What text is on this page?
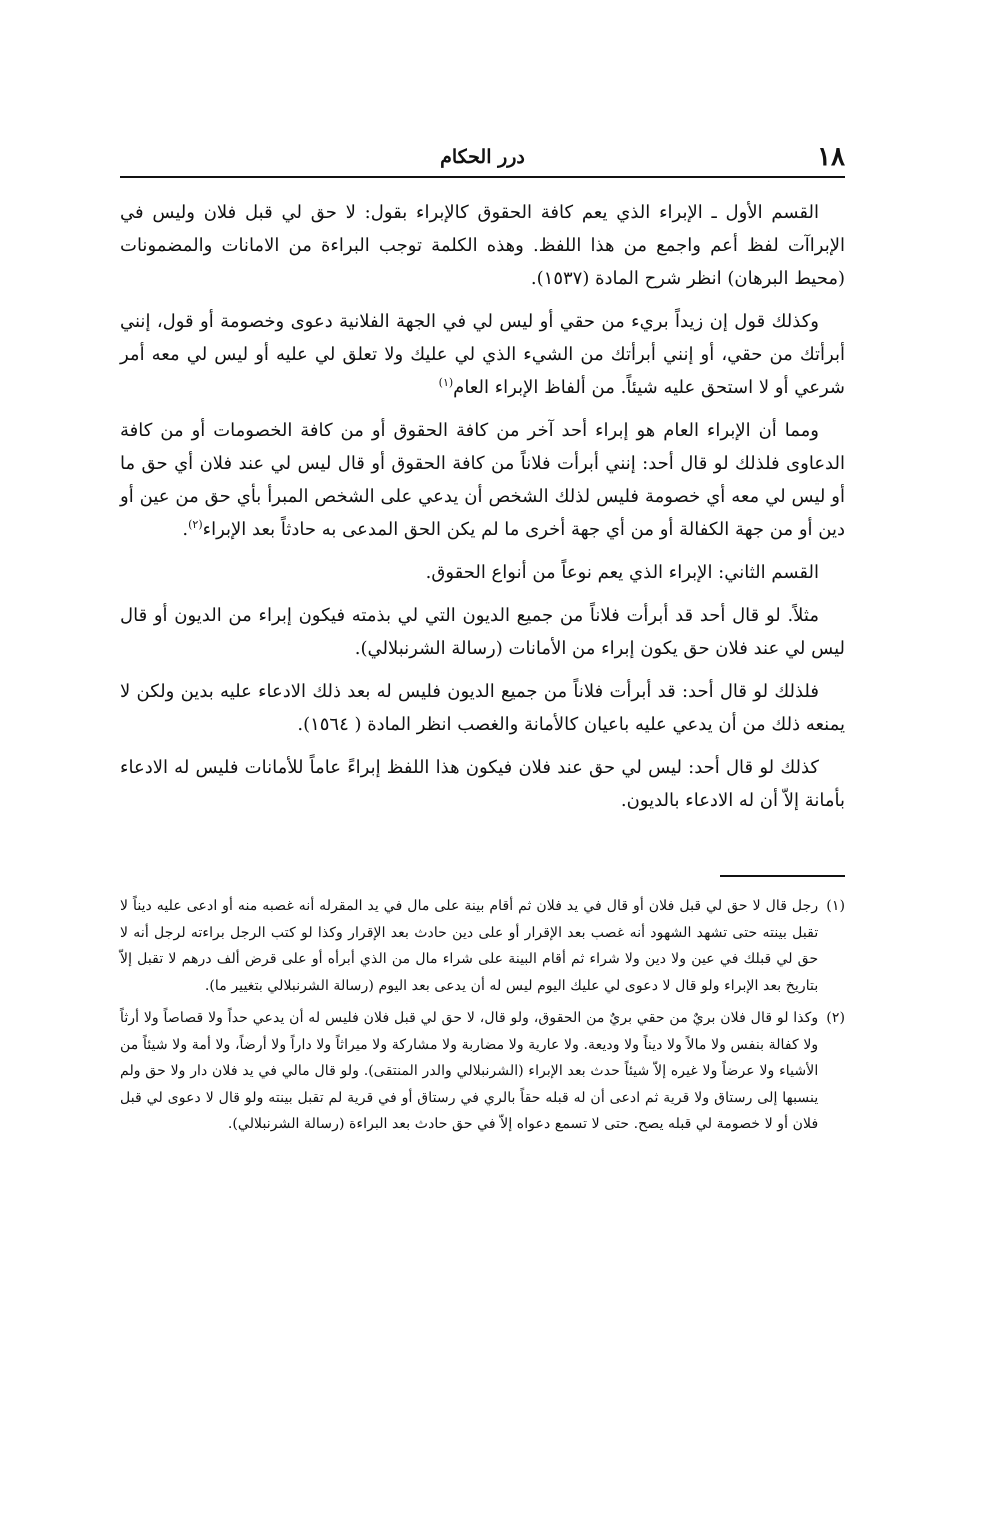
١٨
درر الحكام

القسم الأول ـ الإبراء الذي يعم كافة الحقوق كالإبراء بقول: لا حق لي قبل فلان وليس في الإبراآت لفظ أعم واجمع من هذا اللفظ. وهذه الكلمة توجب البراءة من الامانات والمضمونات (محيط البرهان) انظر شرح المادة (١٥٣٧).

وكذلك قول إن زيداً بريء من حقي أو ليس لي في الجهة الفلانية دعوى وخصومة أو قول، إنني أبرأتك من حقي، أو إنني أبرأتك من الشيء الذي لي عليك ولا تعلق لي عليه أو ليس لي معه أمر شرعي أو لا استحق عليه شيئاً. من ألفاظ الإبراء العام$^{(١)}$

ومما أن الإبراء العام هو إبراء أحد آخر من كافة الحقوق أو من كافة الخصومات أو من كافة الدعاوى فلذلك لو قال أحد: إنني أبرأت فلاناً من كافة الحقوق أو قال ليس لي عند فلان أي حق ما أو ليس لي معه أي خصومة فليس لذلك الشخص أن يدعي على الشخص المبرأ بأي حق من عين أو دين أو من جهة الكفالة أو من أي جهة أخرى ما لم يكن الحق المدعى به حادثاً بعد الإبراء$^{(٢)}$.

القسم الثاني: الإبراء الذي يعم نوعاً من أنواع الحقوق.

مثلاً. لو قال أحد قد أبرأت فلاناً من جميع الديون التي لي بذمته فيكون إبراء من الديون أو قال ليس لي عند فلان حق يكون إبراء من الأمانات (رسالة الشرنبلالي).

فلذلك لو قال أحد: قد أبرأت فلاناً من جميع الديون فليس له بعد ذلك الادعاء عليه بدين ولكن لا يمنعه ذلك من أن يدعي عليه باعيان كالأمانة والغصب انظر المادة ( ١٥٦٤).

كذلك لو قال أحد: ليس لي حق عند فلان فيكون هذا اللفظ إبراءً عاماً للأمانات فليس له الادعاء بأمانة إلاّ أن له الادعاء بالديون.

(١)
رجل قال لا حق لي قبل فلان أو قال في يد فلان ثم أقام بينة على مال في يد المقرله أنه غصبه منه أو ادعى عليه ديناً لا تقبل بينته حتى تشهد الشهود أنه غصب بعد الإقرار أو على دين حادث بعد الإقرار وكذا لو كتب الرجل براءته لرجل أنه لا حق لي قبلك في عين ولا دين ولا شراء ثم أقام البينة على شراء مال من الذي أبرأه أو على قرض ألف درهم لا تقبل إلاّ بتاريخ بعد الإبراء ولو قال لا دعوى لي عليك اليوم ليس له أن يدعى بعد اليوم (رسالة الشرنبلالي بتغيير ما).
(٢)
وكذا لو قال فلان بريٌ من حقي بريٌ من الحقوق، ولو قال، لا حق لي قبل فلان فليس له أن يدعي حداً ولا قصاصاً ولا أرثاً ولا كفالة بنفس ولا مالاً ولا ديناً ولا وديعة. ولا عارية ولا مضاربة ولا مشاركة ولا ميراثاً ولا داراً ولا أرضاً، ولا أمة ولا شيئاً من الأشياء ولا عرضاً ولا غيره إلاّ شيئاً حدث بعد الإبراء (الشرنبلالي والدر المنتقى). ولو قال مالي في يد فلان دار ولا حق ولم ينسبها إلى رستاق ولا قرية ثم ادعى أن له قبله حقاً بالري في رستاق أو في قرية لم تقبل بينته ولو قال لا دعوى لي قبل فلان أو لا خصومة لي قبله يصح. حتى لا تسمع دعواه إلاّ في حق حادث بعد البراءة (رسالة الشرنبلالي).
